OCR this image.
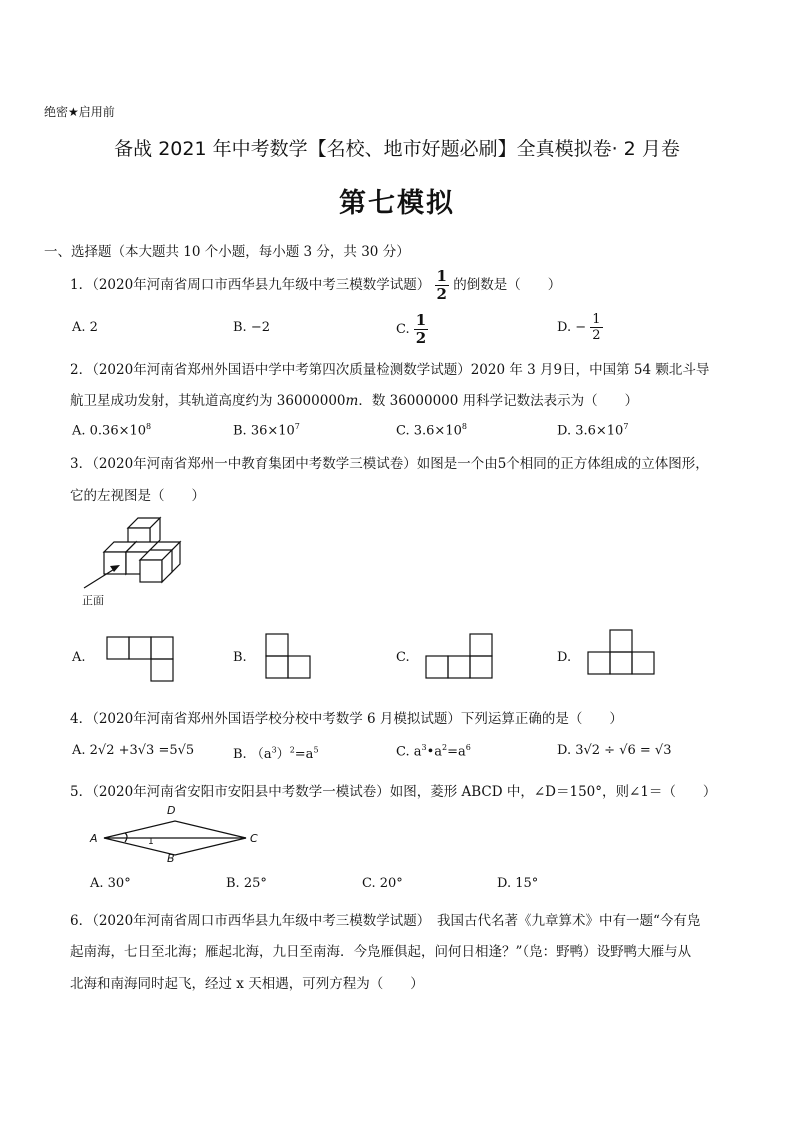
绝密★启用前
备战 2021 年中考数学【名校、地市好题必刷】全真模拟卷· 2 月卷
第七模拟
一、选择题（本大题共 10 个小题，每小题 3 分，共 30 分）
1．（2020年河南省周口市西华县九年级中考三模数学试题） $\frac{1}{2}$ 的倒数是（　　）
A. 2	B. −2	C. $\frac{1}{2}$	D. − $\frac{1}{2}$
2．（2020年河南省郑州外国语中学中考第四次质量检测数学试题）2020 年 3 月9日，中国第 54 颗北斗导
航卫星成功发射，其轨道高度约为 36000000m．数 36000000 用科学记数法表示为（　　）
A. $0.36\times 10^8$	B. $36\times 10^7$	C. $3.6\times 10^8$	D. $3.6\times 10^7$
3．（2020年河南省郑州一中教育集团中考数学三模试卷）如图是一个由5个相同的正方体组成的立体图形，
它的左视图是（　　）
正面
A.	B.	C.	D.
4．（2020年河南省郑州外国语学校分校中考数学 6 月模拟试题）下列运算正确的是（　　）
A. 2√2 +3√3 =5√5	B. $(a^3)^2=a^5$	C. $a^3•a^2=a^6$	D. 3√2 ÷ √6 = √3
5．（2020年河南省安阳市安阳县中考数学一模试卷）如图，菱形 ABCD 中，∠D＝150°，则∠1＝（　　）
A
D
C
B
1
A. 30°	B. 25°	C. 20°	D. 15°
6．（2020年河南省周口市西华县九年级中考三模数学试题）　我国古代名著《九章算术》中有一题“今有凫
起南海，七日至北海；雁起北海，九日至南海．今凫雁俱起，问何日相逢？”（凫：野鸭）设野鸭大雁与从
北海和南海同时起飞，经过 x 天相遇，可列方程为（　　）
